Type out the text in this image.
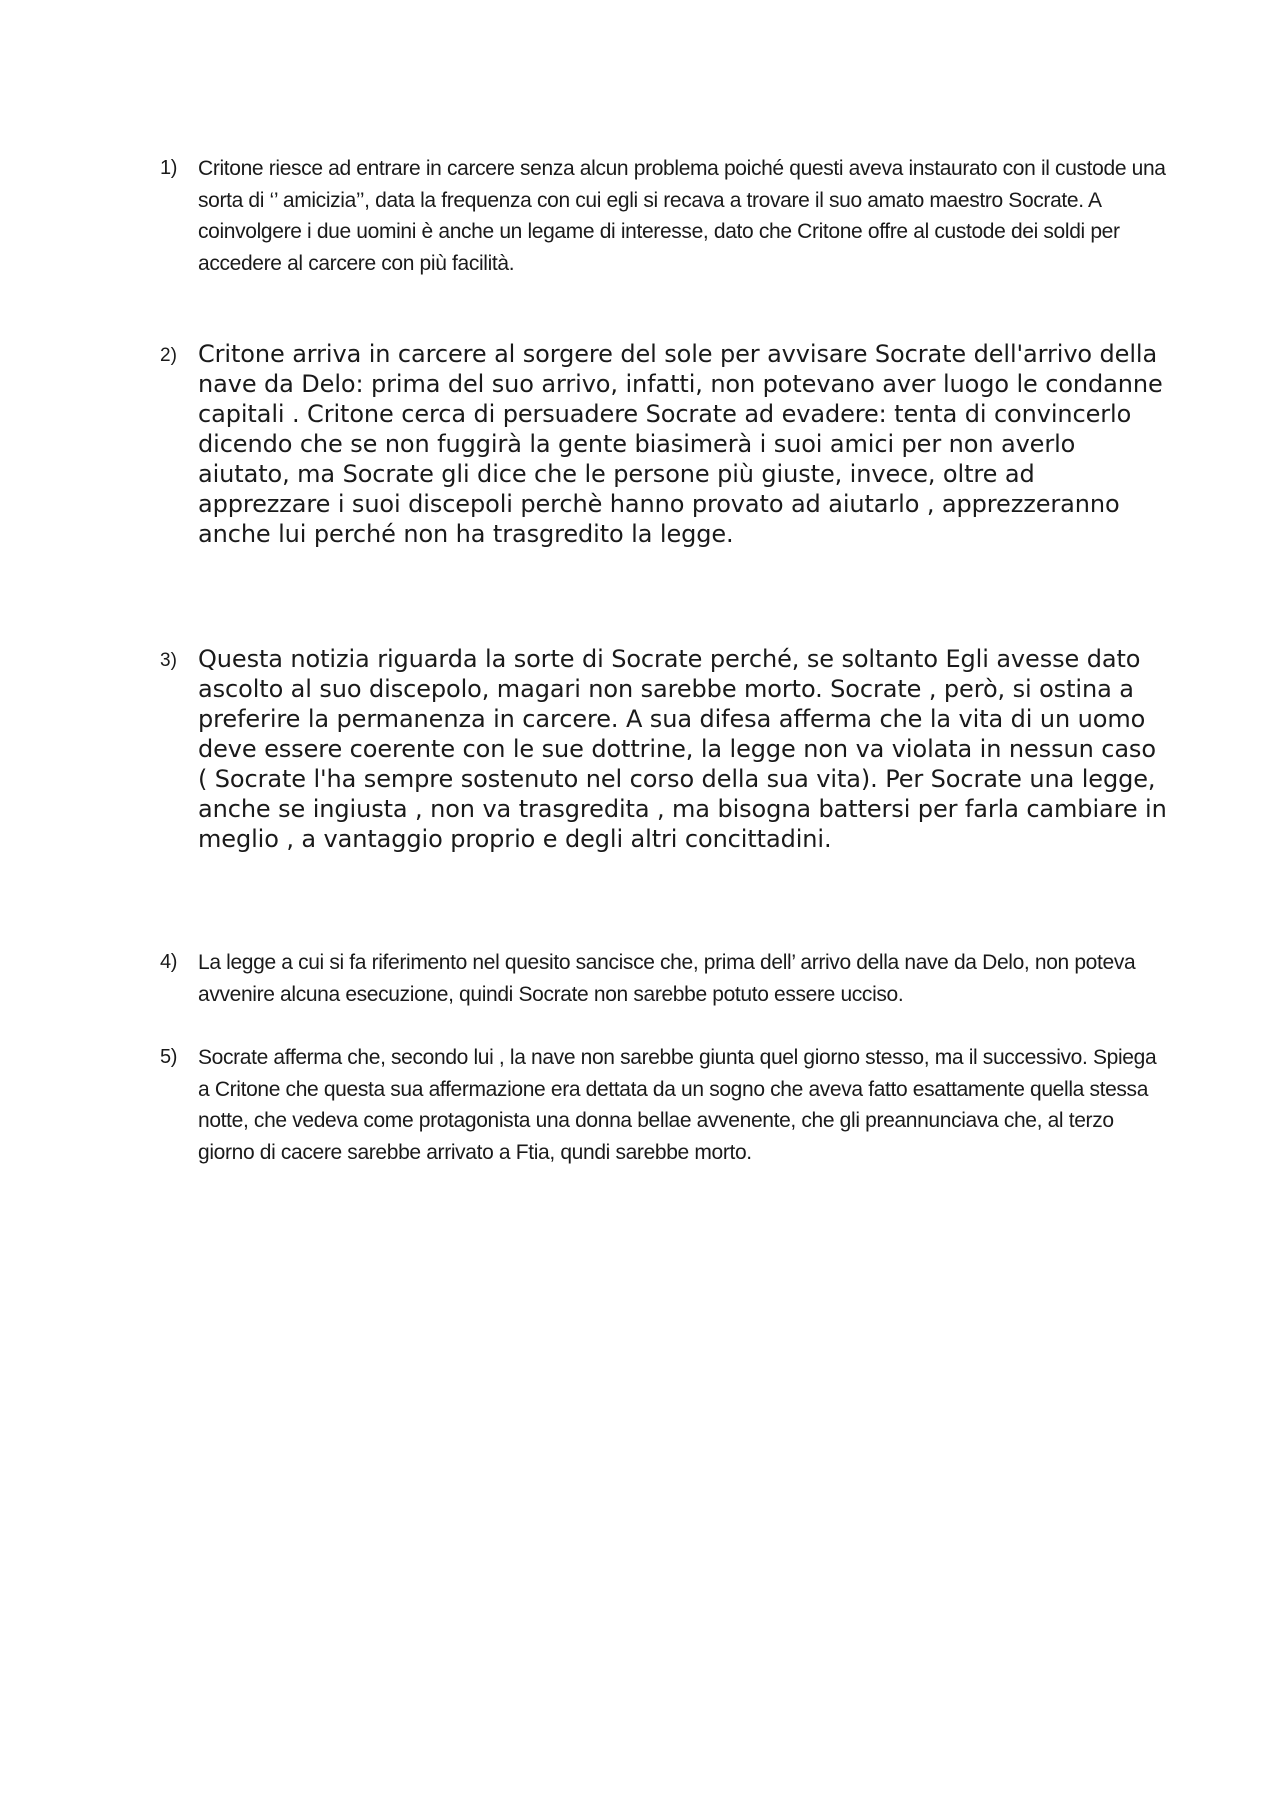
1) Critone riesce ad entrare in carcere senza alcun problema poiché questi aveva instaurato con il custode una sorta di ‘’ amicizia’’, data la frequenza con cui egli si recava a trovare il suo amato maestro Socrate. A coinvolgere i due uomini è anche un legame di interesse, dato che Critone offre al custode dei soldi per accedere al carcere con più facilità.

2) Critone arriva in carcere al sorgere del sole per avvisare Socrate dell'arrivo della nave da Delo: prima del suo arrivo, infatti, non potevano aver luogo le condanne capitali . Critone cerca di persuadere Socrate ad evadere: tenta di convincerlo dicendo che se non fuggirà la gente biasimerà i suoi amici per non averlo aiutato, ma Socrate gli dice che le persone più giuste, invece, oltre ad apprezzare i suoi discepoli perchè hanno provato ad aiutarlo , apprezzeranno anche lui perché non ha trasgredito la legge.

3) Questa notizia riguarda la sorte di Socrate perché, se soltanto Egli avesse dato ascolto al suo discepolo, magari non sarebbe morto. Socrate , però, si ostina a preferire la permanenza in carcere. A sua difesa afferma che la vita di un uomo deve essere coerente con le sue dottrine, la legge non va violata in nessun caso ( Socrate l'ha sempre sostenuto nel corso della sua vita). Per Socrate una legge, anche se ingiusta , non va trasgredita , ma bisogna battersi per farla cambiare in meglio , a vantaggio proprio e degli altri concittadini.

4) La legge a cui si fa riferimento nel quesito sancisce che, prima dell’ arrivo della nave da Delo, non poteva avvenire alcuna esecuzione, quindi Socrate non sarebbe potuto essere ucciso.

5) Socrate afferma che, secondo lui , la nave non sarebbe giunta quel giorno stesso, ma il successivo. Spiega a Critone che questa sua affermazione era dettata da un sogno che aveva fatto esattamente quella stessa notte, che vedeva come protagonista una donna bellae avvenente, che gli preannunciava che, al terzo giorno di cacere sarebbe arrivato a Ftia, qundi sarebbe morto.
